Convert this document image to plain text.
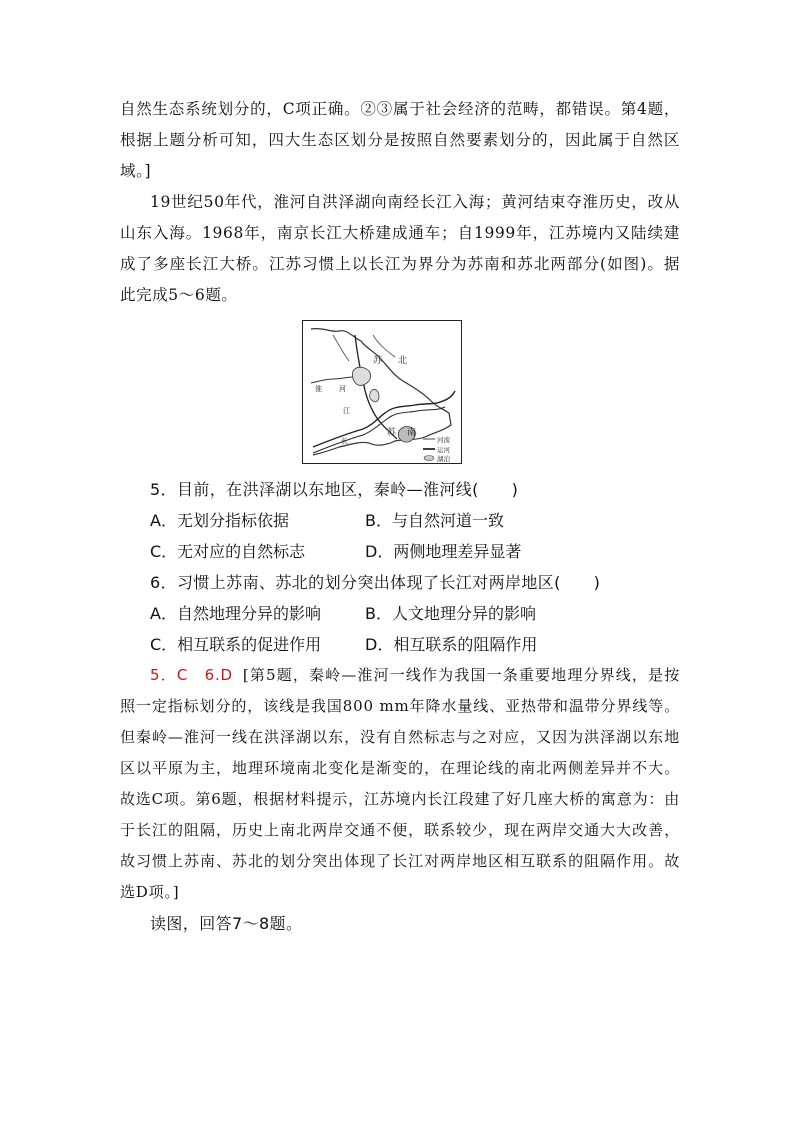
自然生态系统划分的，C项正确。②③属于社会经济的范畴，都错误。第4题，根据上题分析可知，四大生态区划分是按照自然要素划分的，因此属于自然区域。]

19世纪50年代，淮河自洪泽湖向南经长江入海；黄河结束夺淮历史，改从山东入海。1968年，南京长江大桥建成通车；自1999年，江苏境内又陆续建成了多座长江大桥。江苏习惯上以长江为界分为苏南和苏北两部分(如图)。据此完成5～6题。

苏 北
淮 河
江
长
苏 南
河流
运河
湖泊

5．目前，在洪泽湖以东地区，秦岭—淮河线(　　)

A．无划分指标依据	B．与自然河道一致
C．无对应的自然标志	D．两侧地理差异显著

6．习惯上苏南、苏北的划分突出体现了长江对两岸地区(　　)

A．自然地理分异的影响	B．人文地理分异的影响
C．相互联系的促进作用	D．相互联系的阻隔作用

5．C　6.D [第5题，秦岭—淮河一线作为我国一条重要地理分界线，是按照一定指标划分的，该线是我国800 mm年降水量线、亚热带和温带分界线等。但秦岭—淮河一线在洪泽湖以东，没有自然标志与之对应，又因为洪泽湖以东地区以平原为主，地理环境南北变化是渐变的，在理论线的南北两侧差异并不大。故选C项。第6题，根据材料提示，江苏境内长江段建了好几座大桥的寓意为：由于长江的阻隔，历史上南北两岸交通不便，联系较少，现在两岸交通大大改善，故习惯上苏南、苏北的划分突出体现了长江对两岸地区相互联系的阻隔作用。故选D项。]

读图，回答7～8题。
